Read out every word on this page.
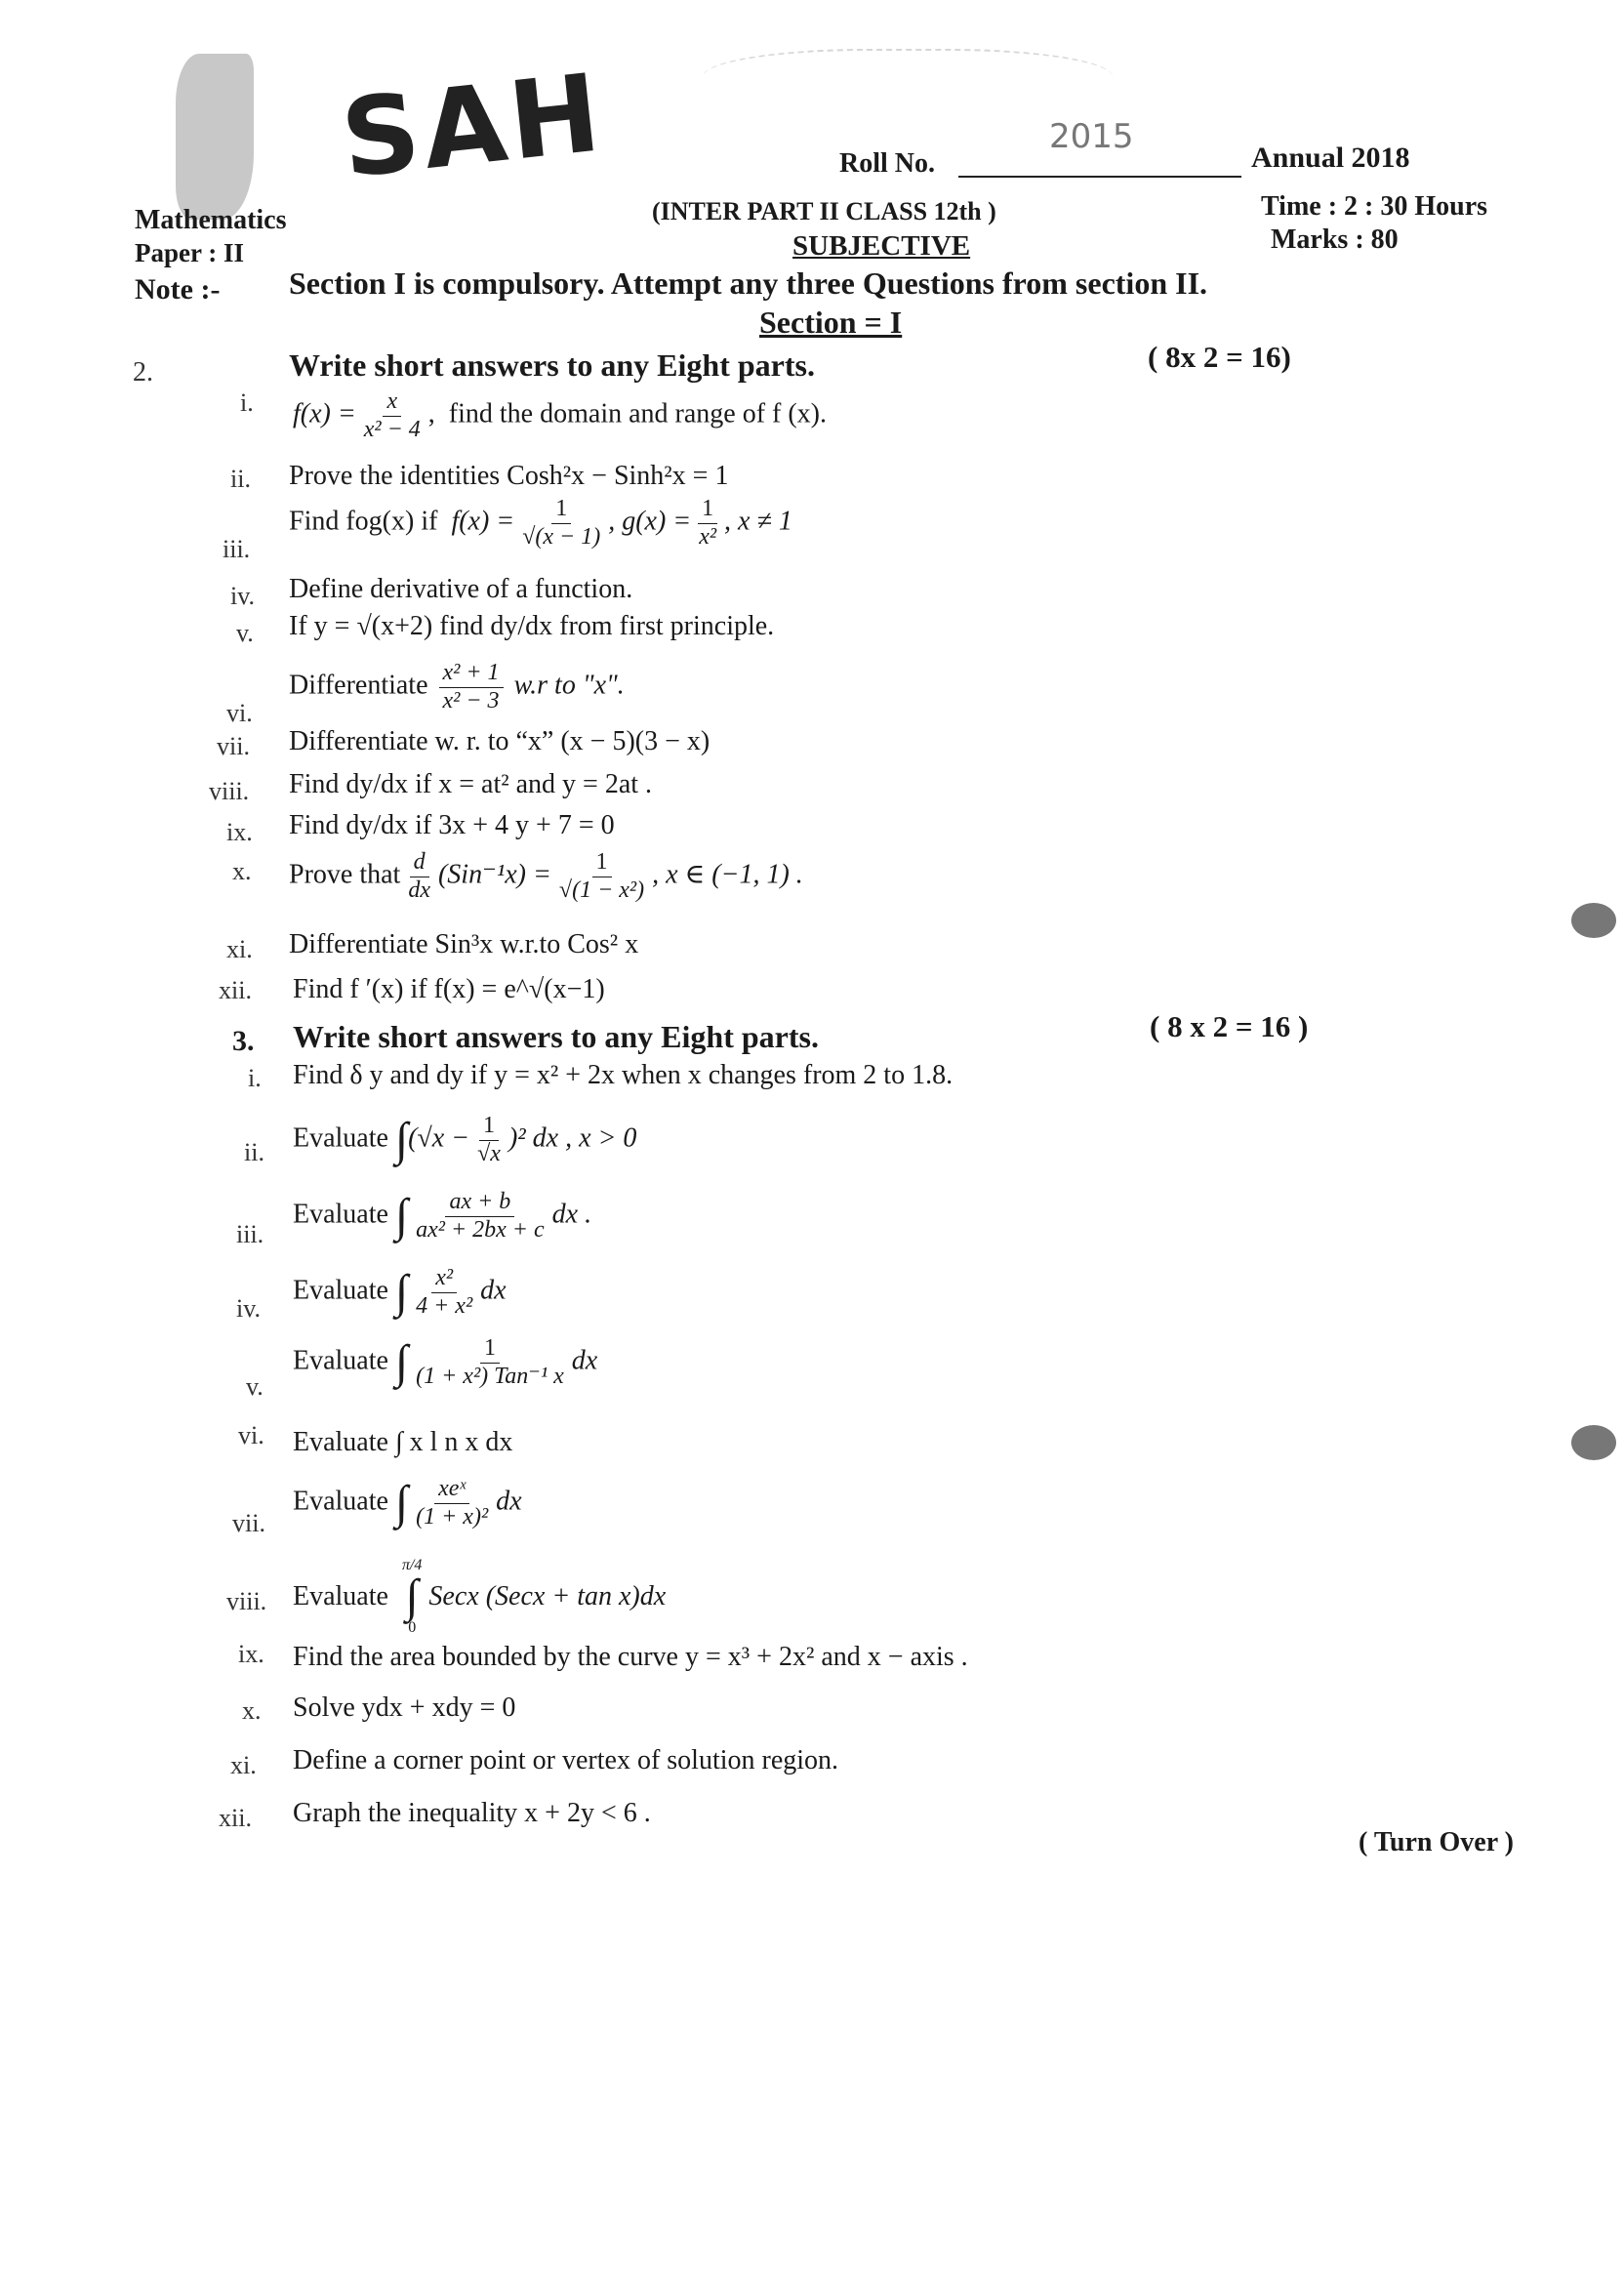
SAH	2015
Roll No.	Annual 2018
Mathematics
Paper : II
(INTER PART II CLASS 12th )
SUBJECTIVE
Time : 2 : 30 Hours
Marks : 80
Note :- Section I is compulsory. Attempt any three Questions from section II.
Section = I
2.	Write short answers to any Eight parts.	( 8x 2 = 16)
i. $f(x) = \frac{x}{\text{x² − 4}}$ ,  find the domain and range of f (x).
ii. Prove the identities Cosh²x − Sinh²x = 1
iii.
Find fog(x) if $f(x) = \frac{1}{√(x - 1)}$ , $g(x) = \frac{1}{\text{x²}}$ , x ≠ 1
iv. Define derivative of a function.
v. If y = √(x+2) find dy/dx from first principle.
vi.
Differentiate $\frac{\text{x² + 1}}{\text{x² − 3}} w.r$ to "x".
vii. Differentiate w. r. to “x” (x − 5)(3 − x)
viii. Find dy/dx if x = at² and y = 2at .
ix. Find dy/dx if 3x + 4 y + 7 = 0
x. Prove that $\frac{d}{dx} (Sin^{-1}x) = \frac{1}{\text{√(1 − x²)}}$ , x ∈ (−1, 1) .
xi. Differentiate Sin³x w.r.to Cos² x
xii. Find f ′(x) if f(x) = e^√(x−1)
3. Write short answers to any Eight parts.	( 8 x 2 = 16 )
i. Find δ y and dy if y = x² + 2x when x changes from 2 to 1.8.
ii. Evaluate $\int(√x - \frac{1}{√x} )^2$ dx , x > 0
iii.
Evaluate ∫ $\frac{ax + b}{\text{ax² + 2bx + c}}$ dx .
iv.
Evaluate ∫ $\frac{\text{x²}}{\text{4 + x²}}$ dx
v.
Evaluate ∫ $\frac{1}{\text{(1 + x²) Tan⁻¹ x}}$ dx
vi. Evaluate ∫ x l n x dx
vii.
Evaluate ∫ $\frac{\text{xeˣ}}{\text{(1 + x)²}}$ dx
viii. Evaluate

π/4
∫
0

Secx (Secx + tan x)dx
ix. Find the area bounded by the curve y = x³ + 2x² and x − axis .
x. Solve ydx + xdy = 0
xi. Define a corner point or vertex of solution region.
xii. Graph the inequality x + 2y < 6 .
( Turn Over )
